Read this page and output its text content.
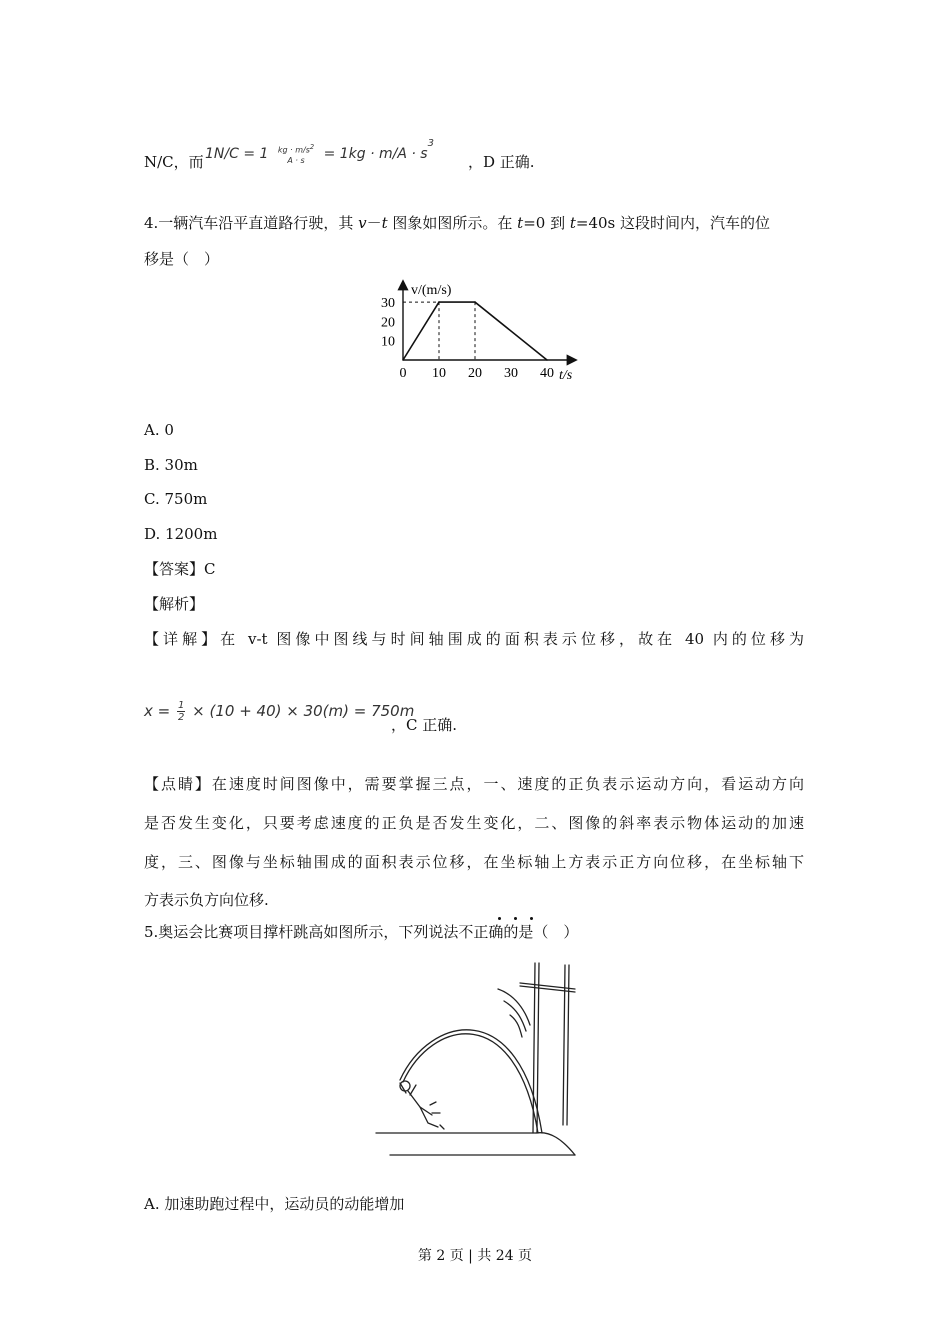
N/C，而 1N/C = 1 kg · $m/s^2$
A · s	= $1kg \cdot m/A \cdot s^3$
，D 正确.
4.一辆汽车沿平直道路行驶，其 v－t 图象如图所示。在 t=0 到 t=40s 这段时间内，汽车的位
移是（　）
0 10 20 30 40
10
20
30
v/(m/s)
t/s
A. 0
B. 30m
C. 750m
D. 1200m
【答案】C
【解析】
【详解】在 v-t 图像中图线与时间轴围成的面积表示位移，故在 40 内的位移为
$x = \frac{1}{2} \times (10 + 40) \times 30(m) = 750m$
，C 正确.
【点睛】在速度时间图像中，需要掌握三点，一、速度的正负表示运动方向，看运动方向
是否发生变化，只要考虑速度的正负是否发生变化，二、图像的斜率表示物体运动的加速
度，三、图像与坐标轴围成的面积表示位移，在坐标轴上方表示正方向位移，在坐标轴下
方表示负方向位移.
5.奥运会比赛项目撑杆跳高如图所示，下列说法不正确的是（　）
A. 加速助跑过程中，运动员的动能增加
第 2 页 | 共 24 页
